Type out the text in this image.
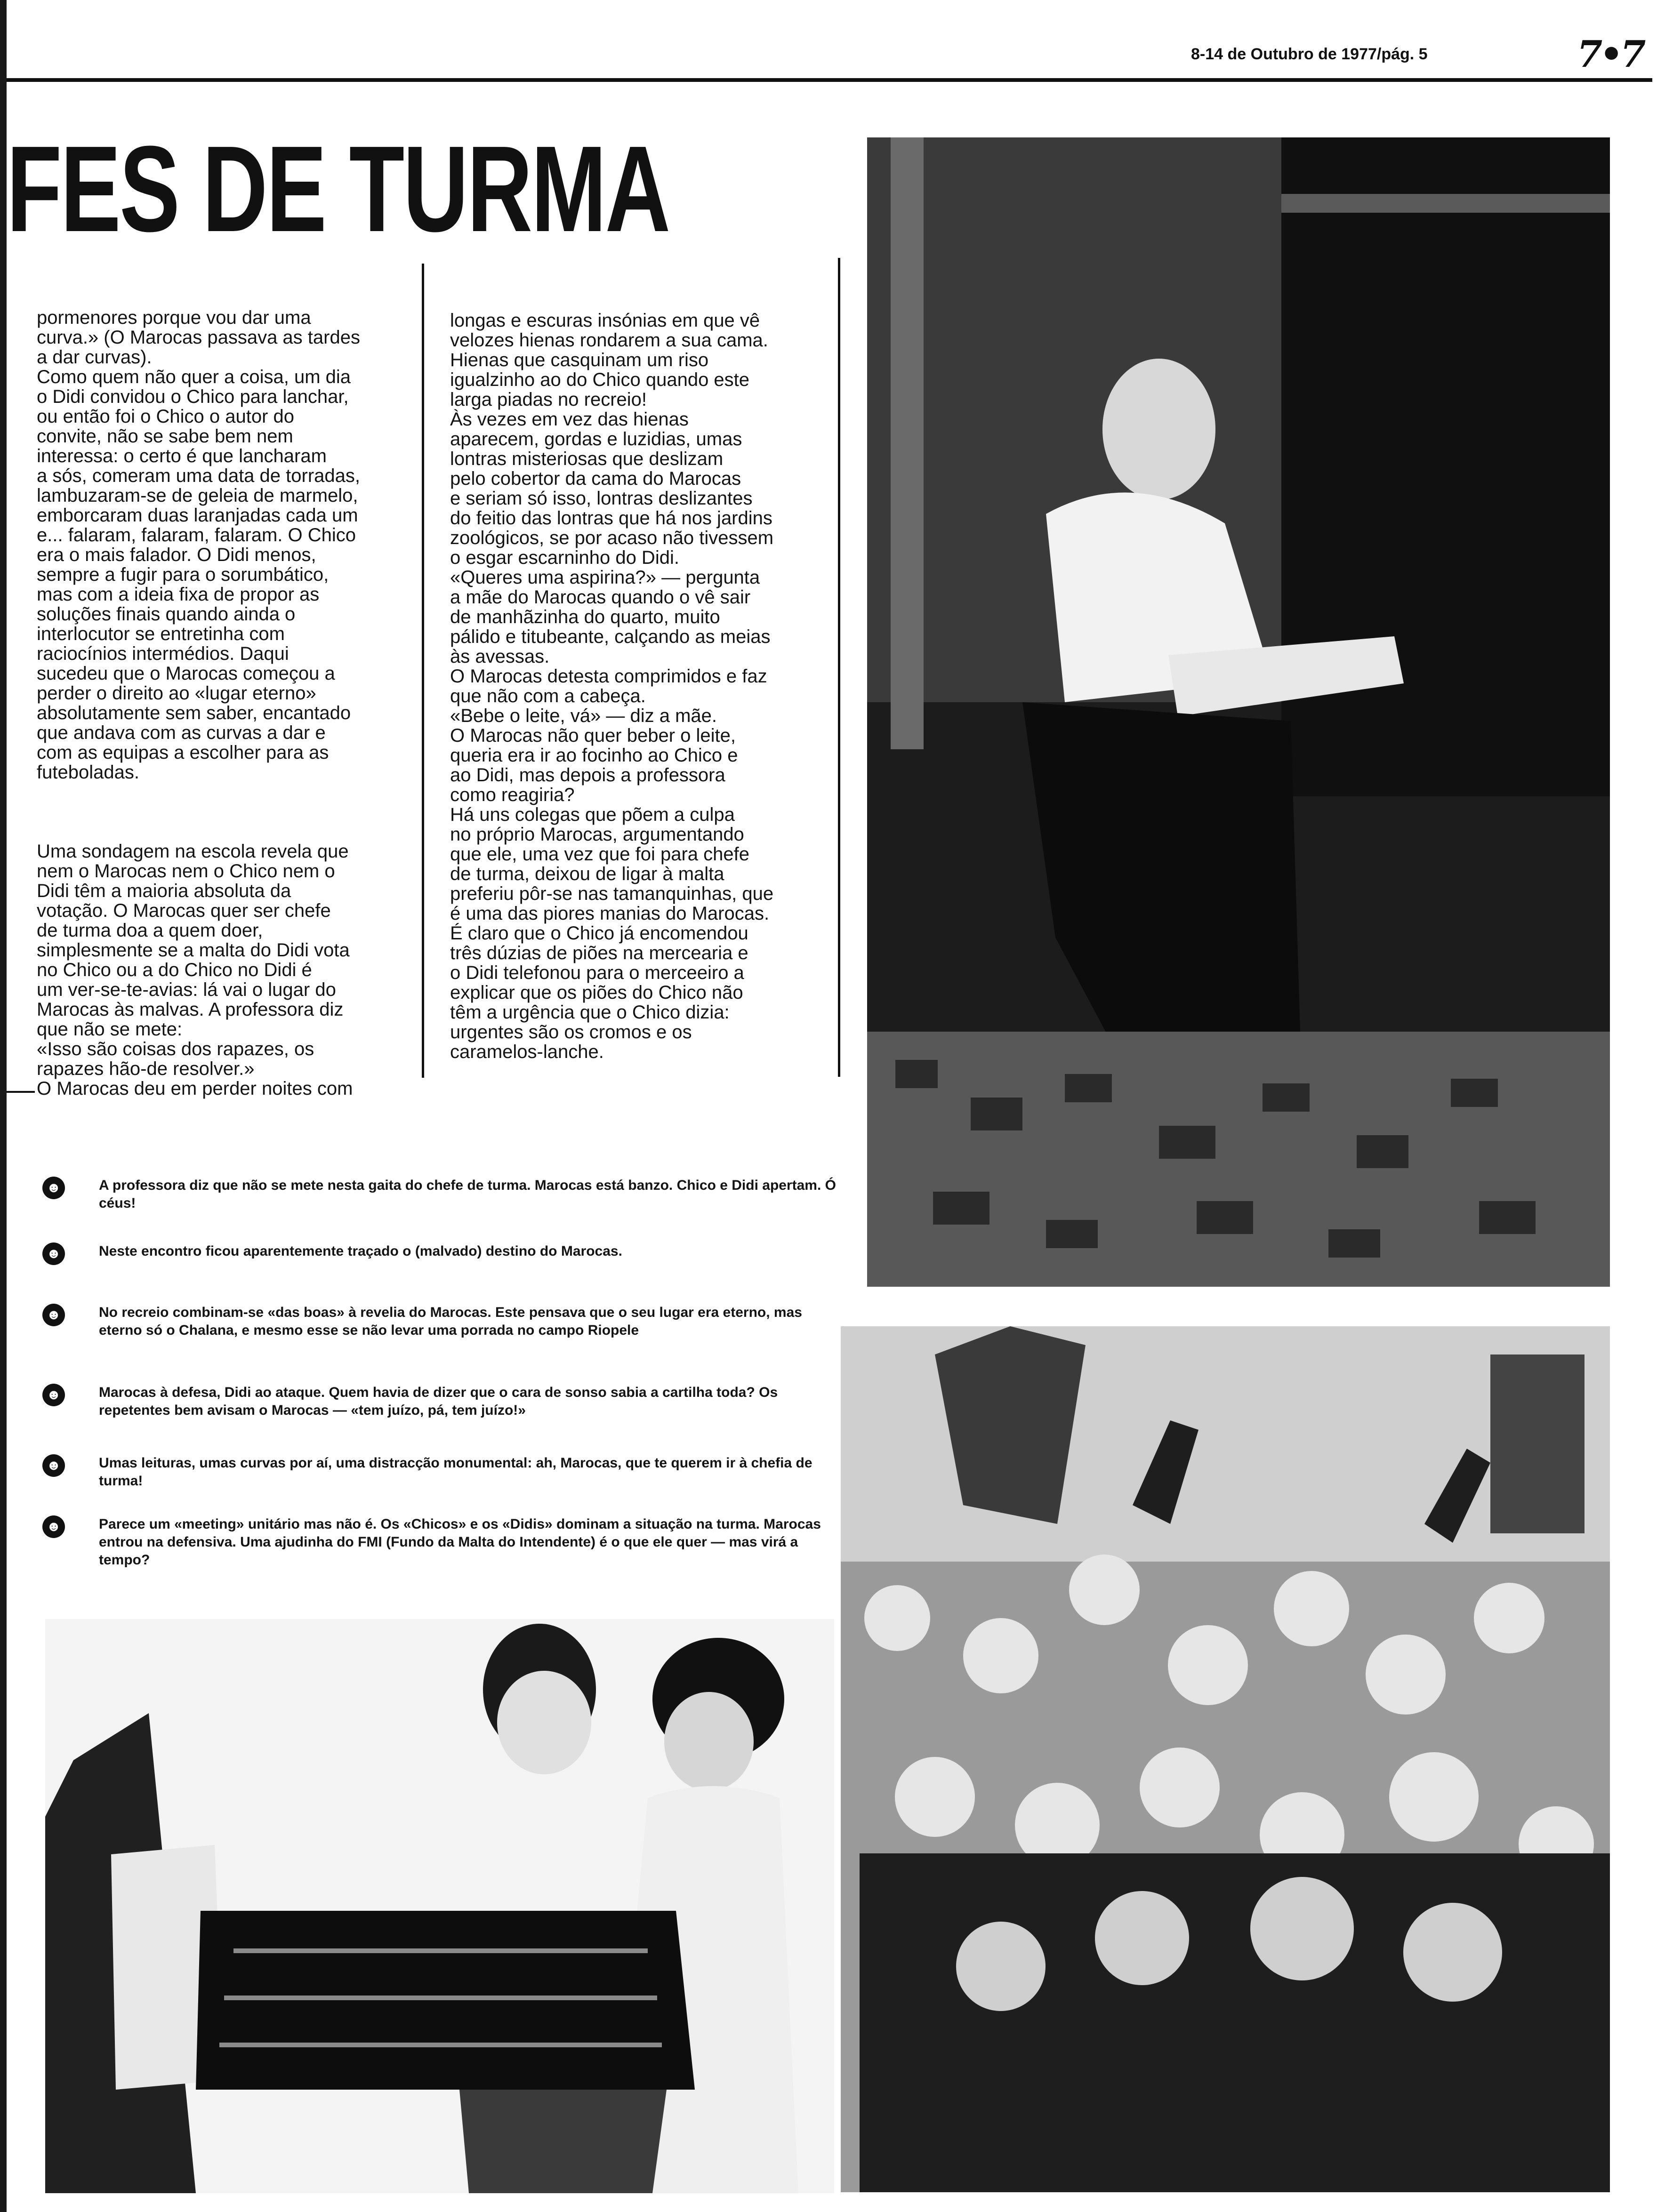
8-14 de Outubro de 1977/pág. 5	7•7
FES DE TURMA

pormenores porque vou dar uma
curva.» (O Marocas passava as tardes
a dar curvas).
Como quem não quer a coisa, um dia
o Didi convidou o Chico para lanchar,
ou então foi o Chico o autor do
convite, não se sabe bem nem
interessa: o certo é que lancharam
a sós, comeram uma data de torradas,
lambuzaram-se de geleia de marmelo,
emborcaram duas laranjadas cada um
e... falaram, falaram, falaram. O Chico
era o mais falador. O Didi menos,
sempre a fugir para o sorumbático,
mas com a ideia fixa de propor as
soluções finais quando ainda o
interlocutor se entretinha com
raciocínios intermédios. Daqui
sucedeu que o Marocas começou a
perder o direito ao «lugar eterno»
absolutamente sem saber, encantado
que andava com as curvas a dar e
com as equipas a escolher para as
futeboladas.

Uma sondagem na escola revela que
nem o Marocas nem o Chico nem o
Didi têm a maioria absoluta da
votação. O Marocas quer ser chefe
de turma doa a quem doer,
simplesmente se a malta do Didi vota
no Chico ou a do Chico no Didi é
um ver-se-te-avias: lá vai o lugar do
Marocas às malvas. A professora diz
que não se mete:
«Isso são coisas dos rapazes, os
rapazes hão-de resolver.»
O Marocas deu em perder noites com

longas e escuras insónias em que vê
velozes hienas rondarem a sua cama.
Hienas que casquinam um riso
igualzinho ao do Chico quando este
larga piadas no recreio!
Às vezes em vez das hienas
aparecem, gordas e luzidias, umas
lontras misteriosas que deslizam
pelo cobertor da cama do Marocas
e seriam só isso, lontras deslizantes
do feitio das lontras que há nos jardins
zoológicos, se por acaso não tivessem
o esgar escarninho do Didi.
«Queres uma aspirina?» — pergunta
a mãe do Marocas quando o vê sair
de manhãzinha do quarto, muito
pálido e titubeante, calçando as meias
às avessas.
O Marocas detesta comprimidos e faz
que não com a cabeça.
«Bebe o leite, vá» — diz a mãe.
O Marocas não quer beber o leite,
queria era ir ao focinho ao Chico e
ao Didi, mas depois a professora
como reagiria?
Há uns colegas que põem a culpa
no próprio Marocas, argumentando
que ele, uma vez que foi para chefe
de turma, deixou de ligar à malta
preferiu pôr-se nas tamanquinhas, que
é uma das piores manias do Marocas.
É claro que o Chico já encomendou
três dúzias de piões na mercearia e
o Didi telefonou para o merceeiro a
explicar que os piões do Chico não
têm a urgência que o Chico dizia:
urgentes são os cromos e os
caramelos-lanche.

☻	A professora diz que não se mete nesta gaita do chefe de turma. Marocas está banzo. Chico e Didi apertam. Ó céus!
☻	Neste encontro ficou aparentemente traçado o (malvado) destino do Marocas.
☻	No recreio combinam-se «das boas» à revelia do Marocas. Este pensava que o seu lugar era eterno, mas eterno só o Chalana, e mesmo esse se não levar uma porrada no campo Riopele
☻	Marocas à defesa, Didi ao ataque. Quem havia de dizer que o cara de sonso sabia a cartilha toda? Os repetentes bem avisam o Marocas — «tem juízo, pá, tem juízo!»
☻	Umas leituras, umas curvas por aí, uma distracção monumental: ah, Marocas, que te querem ir à chefia de turma!
☻	Parece um «meeting» unitário mas não é. Os «Chicos» e os «Didis» dominam a situação na turma. Marocas entrou na defensiva. Uma ajudinha do FMI (Fundo da Malta do Intendente) é o que ele quer — mas virá a tempo?
